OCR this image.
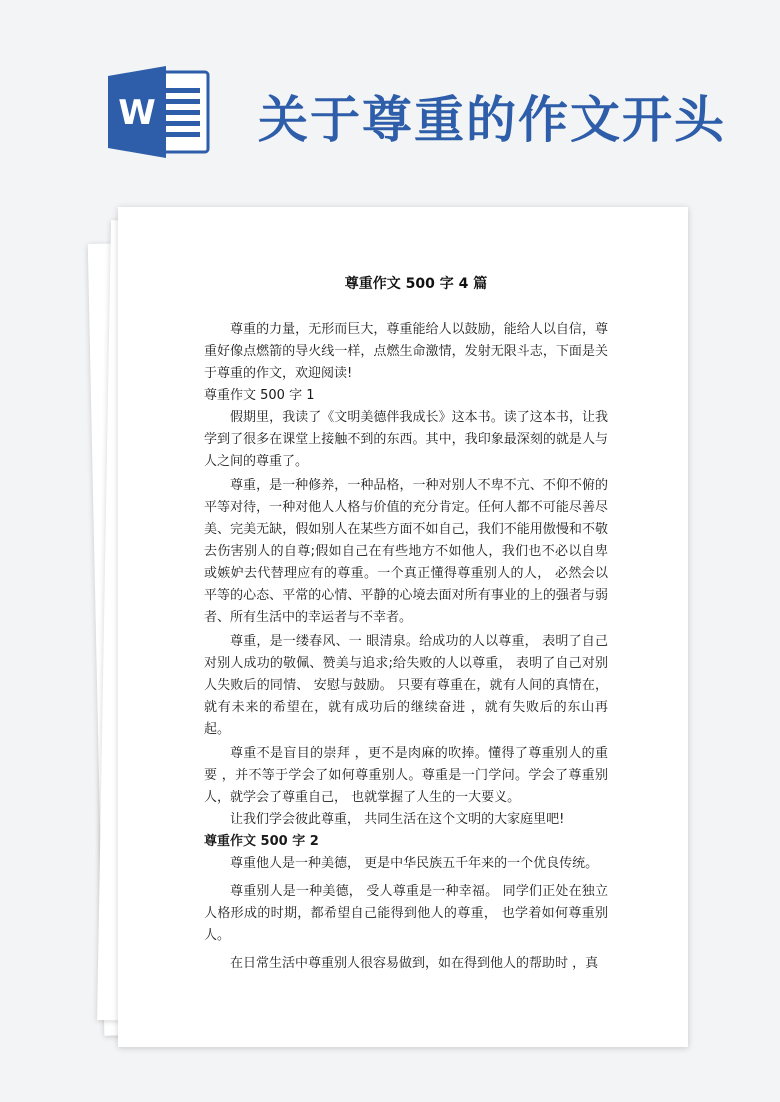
W 关于尊重的作文开头
尊重作文 500 字 4 篇

尊重的力量，无形而巨大，尊重能给人以鼓励，能给人以自信，尊重好像点燃箭的导火线一样，点燃生命激情，发射无限斗志，下面是关于尊重的作文，欢迎阅读!

尊重作文 500 字 1

假期里，我读了《文明美德伴我成长》这本书。读了这本书，让我学到了很多在课堂上接触不到的东西。其中，我印象最深刻的就是人与人之间的尊重了。

尊重，是一种修养，一种品格，一种对别人不卑不亢、不仰不俯的平等对待，一种对他人人格与价值的充分肯定。任何人都不可能尽善尽美、完美无缺，假如别人在某些方面不如自己，我们不能用傲慢和不敬去伤害别人的自尊;假如自己在有些地方不如他人，我们也不必以自卑或嫉妒去代替理应有的尊重。一个真正懂得尊重别人的人， 必然会以平等的心态、平常的心情、平静的心境去面对所有事业的上的强者与弱者、所有生活中的幸运者与不幸者。

尊重，是一缕春风、一 眼清泉。给成功的人以尊重， 表明了自己对别人成功的敬佩、赞美与追求;给失败的人以尊重， 表明了自己对别人失败后的同情、 安慰与鼓励。 只要有尊重在，就有人间的真情在，就有未来的希望在，就有成功后的继续奋进 ，就有失败后的东山再起。

尊重不是盲目的崇拜 ，更不是肉麻的吹捧。懂得了尊重别人的重要 ，并不等于学会了如何尊重别人。尊重是一门学问。学会了尊重别人，就学会了尊重自己， 也就掌握了人生的一大要义。

让我们学会彼此尊重， 共同生活在这个文明的大家庭里吧!

尊重作文 500 字 2

尊重他人是一种美德， 更是中华民族五千年来的一个优良传统。

尊重别人是一种美德， 受人尊重是一种幸福。 同学们正处在独立人格形成的时期，都希望自己能得到他人的尊重， 也学着如何尊重别人。

在日常生活中尊重别人很容易做到，如在得到他人的帮助时 ，真
